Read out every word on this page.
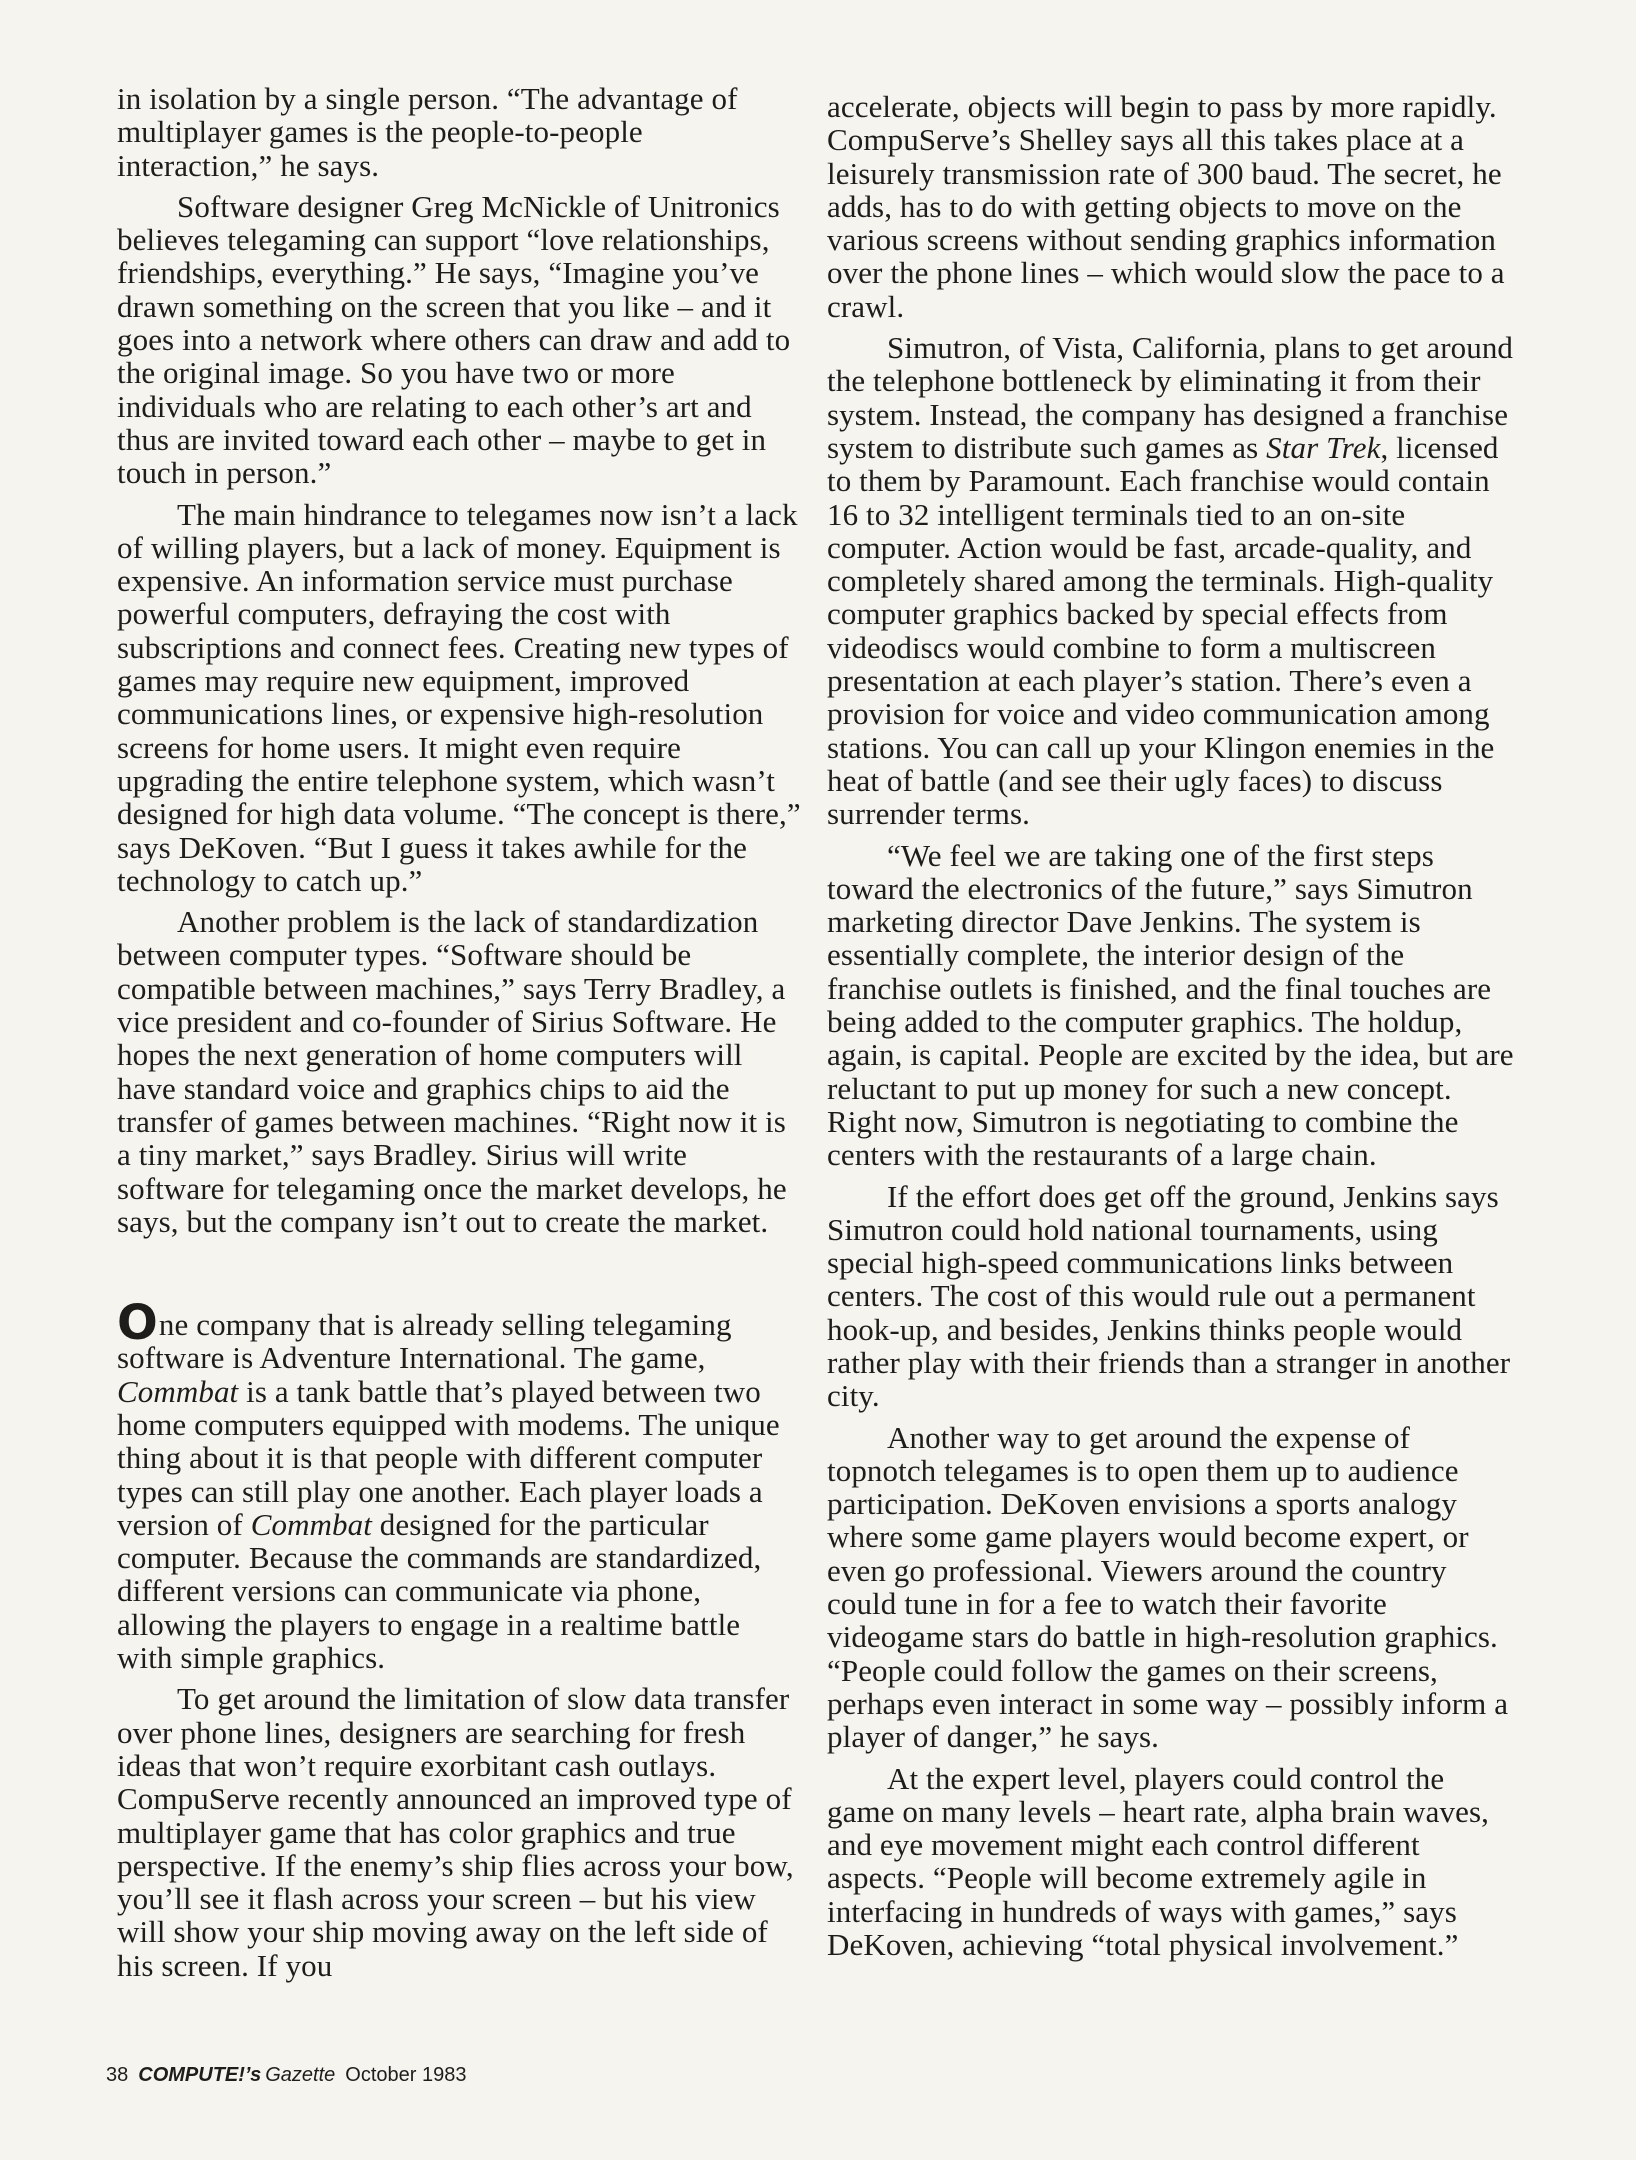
in isolation by a single person. “The advantage of multiplayer games is the people-to-people interaction,” he says.

Software designer Greg McNickle of Unitronics believes telegaming can support “love relationships, friendships, everything.” He says, “Imagine you’ve drawn something on the screen that you like – and it goes into a network where others can draw and add to the original image. So you have two or more individuals who are relating to each other’s art and thus are invited toward each other – maybe to get in touch in person.”

The main hindrance to telegames now isn’t a lack of willing players, but a lack of money. Equipment is expensive. An information service must purchase powerful computers, defraying the cost with subscriptions and connect fees. Creating new types of games may require new equipment, improved communications lines, or expensive high-resolution screens for home users. It might even require upgrading the entire telephone system, which wasn’t designed for high data volume. “The concept is there,” says DeKoven. “But I guess it takes awhile for the technology to catch up.”

Another problem is the lack of standardization between computer types. “Software should be compatible between machines,” says Terry Bradley, a vice president and co-founder of Sirius Software. He hopes the next generation of home computers will have standard voice and graphics chips to aid the transfer of games between machines. “Right now it is a tiny market,” says Bradley. Sirius will write software for telegaming once the market develops, he says, but the company isn’t out to create the market.

One company that is already selling telegaming software is Adventure International. The game, Commbat is a tank battle that’s played between two home computers equipped with modems. The unique thing about it is that people with different computer types can still play one another. Each player loads a version of Commbat designed for the particular computer. Because the commands are standardized, different versions can communicate via phone, allowing the players to engage in a realtime battle with simple graphics.

To get around the limitation of slow data transfer over phone lines, designers are searching for fresh ideas that won’t require exorbitant cash outlays. CompuServe recently announced an improved type of multiplayer game that has color graphics and true perspective. If the enemy’s ship flies across your bow, you’ll see it flash across your screen – but his view will show your ship moving away on the left side of his screen. If you

accelerate, objects will begin to pass by more rapidly. CompuServe’s Shelley says all this takes place at a leisurely transmission rate of 300 baud. The secret, he adds, has to do with getting objects to move on the various screens without sending graphics information over the phone lines – which would slow the pace to a crawl.

Simutron, of Vista, California, plans to get around the telephone bottleneck by eliminating it from their system. Instead, the company has designed a franchise system to distribute such games as Star Trek, licensed to them by Paramount. Each franchise would contain 16 to 32 intelligent terminals tied to an on-site computer. Action would be fast, arcade-quality, and completely shared among the terminals. High-quality computer graphics backed by special effects from videodiscs would combine to form a multiscreen presentation at each player’s station. There’s even a provision for voice and video communication among stations. You can call up your Klingon enemies in the heat of battle (and see their ugly faces) to discuss surrender terms.

“We feel we are taking one of the first steps toward the electronics of the future,” says Simutron marketing director Dave Jenkins. The system is essentially complete, the interior design of the franchise outlets is finished, and the final touches are being added to the computer graphics. The holdup, again, is capital. People are excited by the idea, but are reluctant to put up money for such a new concept. Right now, Simutron is negotiating to combine the centers with the restaurants of a large chain.

If the effort does get off the ground, Jenkins says Simutron could hold national tournaments, using special high-speed communications links between centers. The cost of this would rule out a permanent hook-up, and besides, Jenkins thinks people would rather play with their friends than a stranger in another city.

Another way to get around the expense of topnotch telegames is to open them up to audience participation. DeKoven envisions a sports analogy where some game players would become expert, or even go professional. Viewers around the country could tune in for a fee to watch their favorite videogame stars do battle in high-resolution graphics. “People could follow the games on their screens, perhaps even interact in some way – possibly inform a player of danger,” he says.

At the expert level, players could control the game on many levels – heart rate, alpha brain waves, and eye movement might each control different aspects. “People will become extremely agile in interfacing in hundreds of ways with games,” says DeKoven, achieving “total physical involvement.”

38 COMPUTE!’s Gazette October 1983
